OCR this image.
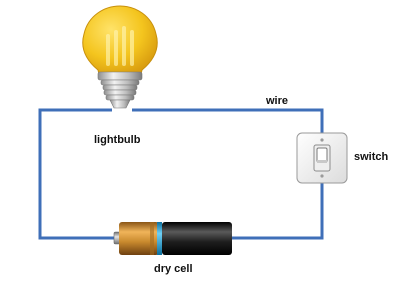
lightbulb
wire
switch
dry cell
